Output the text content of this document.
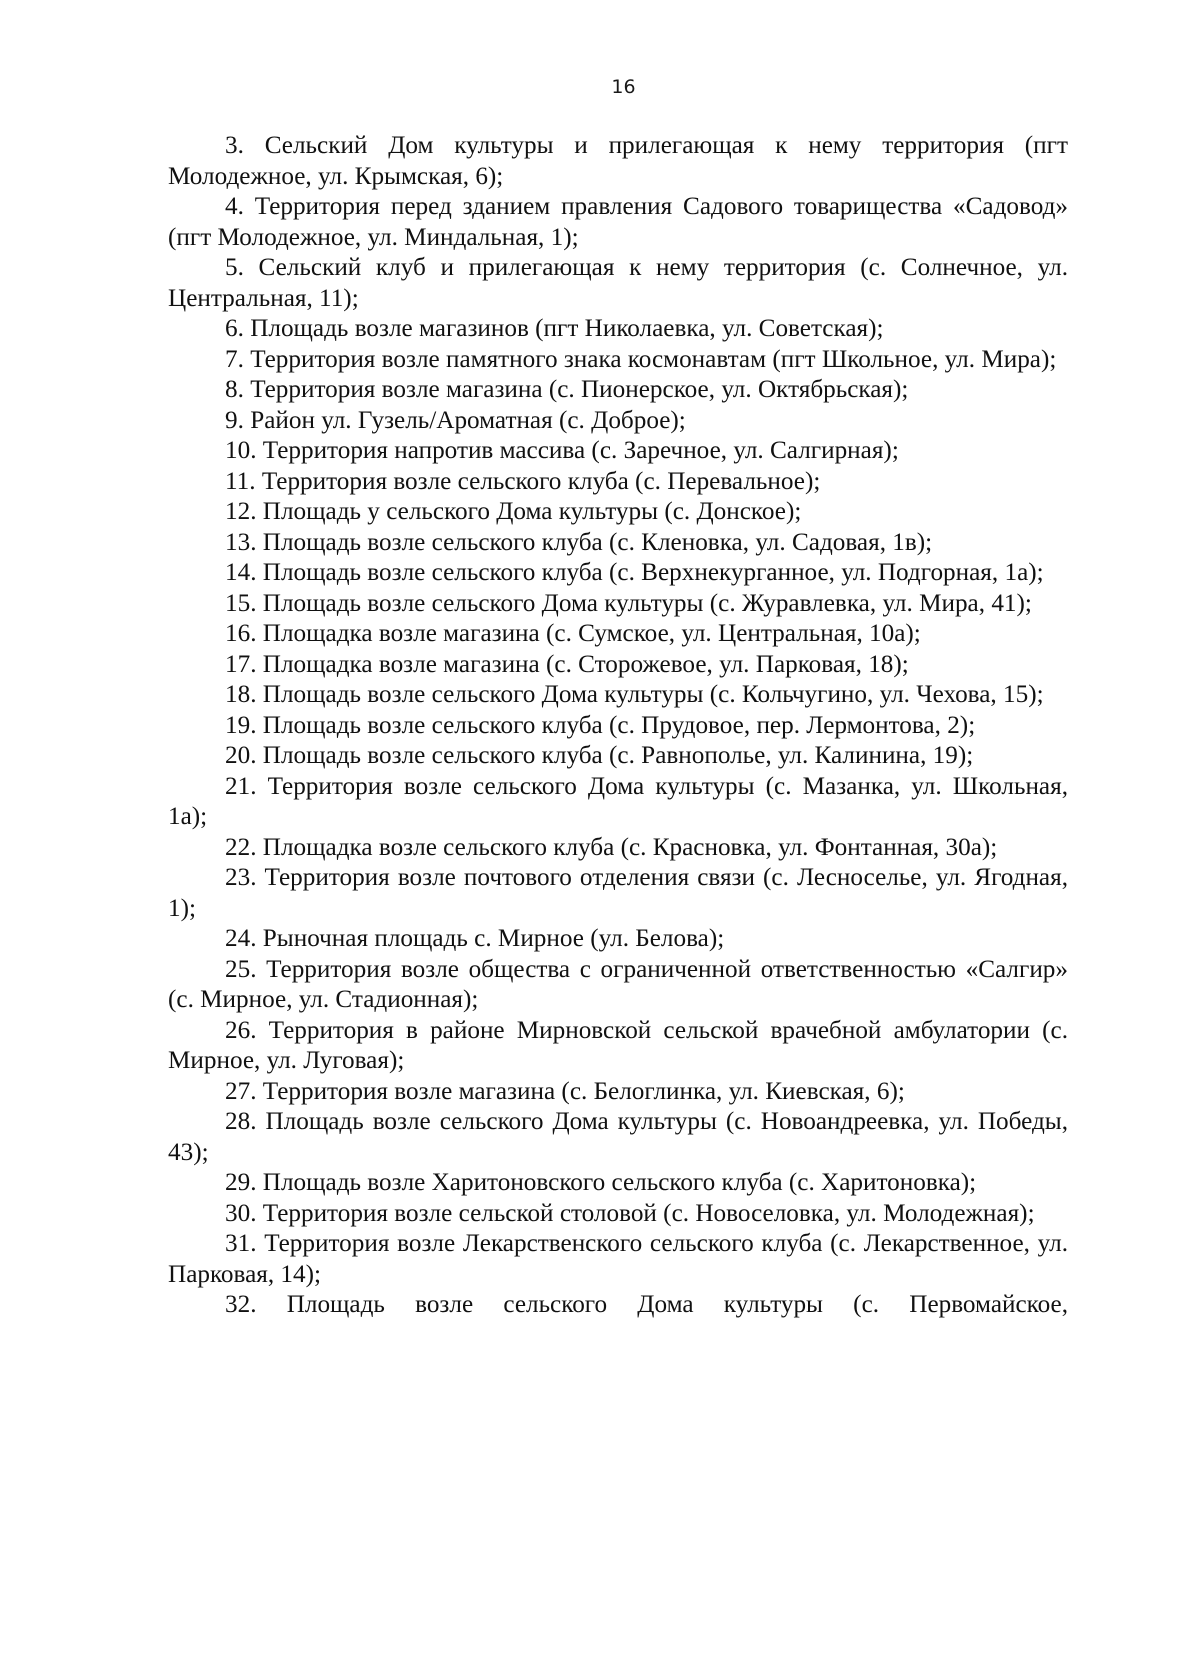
16

3. Сельский Дом культуры и прилегающая к нему территория (пгт Молодежное, ул. Крымская, 6);

4. Территория перед зданием правления Садового товарищества «Садовод» (пгт Молодежное, ул. Миндальная, 1);

5. Сельский клуб и прилегающая к нему территория (с. Солнечное, ул. Центральная, 11);

6. Площадь возле магазинов (пгт Николаевка, ул. Советская);

7. Территория возле памятного знака космонавтам (пгт Школьное, ул. Мира);

8. Территория возле магазина (с. Пионерское, ул. Октябрьская);

9. Район ул. Гузель/Ароматная (с. Доброе);

10. Территория напротив массива (с. Заречное, ул. Салгирная);

11. Территория возле сельского клуба (с. Перевальное);

12. Площадь у сельского Дома культуры (с. Донское);

13. Площадь возле сельского клуба (с. Кленовка, ул. Садовая, 1в);

14. Площадь возле сельского клуба (с. Верхнекурганное, ул. Подгорная, 1а);

15. Площадь возле сельского Дома культуры (с. Журавлевка, ул. Мира, 41);

16. Площадка возле магазина (с. Сумское, ул. Центральная, 10а);

17. Площадка возле магазина (с. Сторожевое, ул. Парковая, 18);

18. Площадь возле сельского Дома культуры (с. Кольчугино, ул. Чехова, 15);

19. Площадь возле сельского клуба (с. Прудовое, пер. Лермонтова, 2);

20. Площадь возле сельского клуба (с. Равнополье, ул. Калинина, 19);

21. Территория возле сельского Дома культуры (с. Мазанка, ул. Школьная, 1а);

22. Площадка возле сельского клуба (с. Красновка, ул. Фонтанная, 30а);

23. Территория возле почтового отделения связи (с. Лесноселье, ул. Ягодная, 1);

24. Рыночная площадь с. Мирное (ул. Белова);

25. Территория возле общества с ограниченной ответственностью «Салгир» (с. Мирное, ул. Стадионная);

26. Территория в районе Мирновской сельской врачебной амбулатории (с. Мирное, ул. Луговая);

27. Территория возле магазина (с. Белоглинка, ул. Киевская, 6);

28. Площадь возле сельского Дома культуры (с. Новоандреевка, ул. Победы, 43);

29. Площадь возле Харитоновского сельского клуба (с. Харитоновка);

30. Территория возле сельской столовой (с. Новоселовка, ул. Молодежная);

31. Территория возле Лекарственского сельского клуба (с. Лекарственное, ул. Парковая, 14);

32. Площадь возле сельского Дома культуры (с. Первомайское,
